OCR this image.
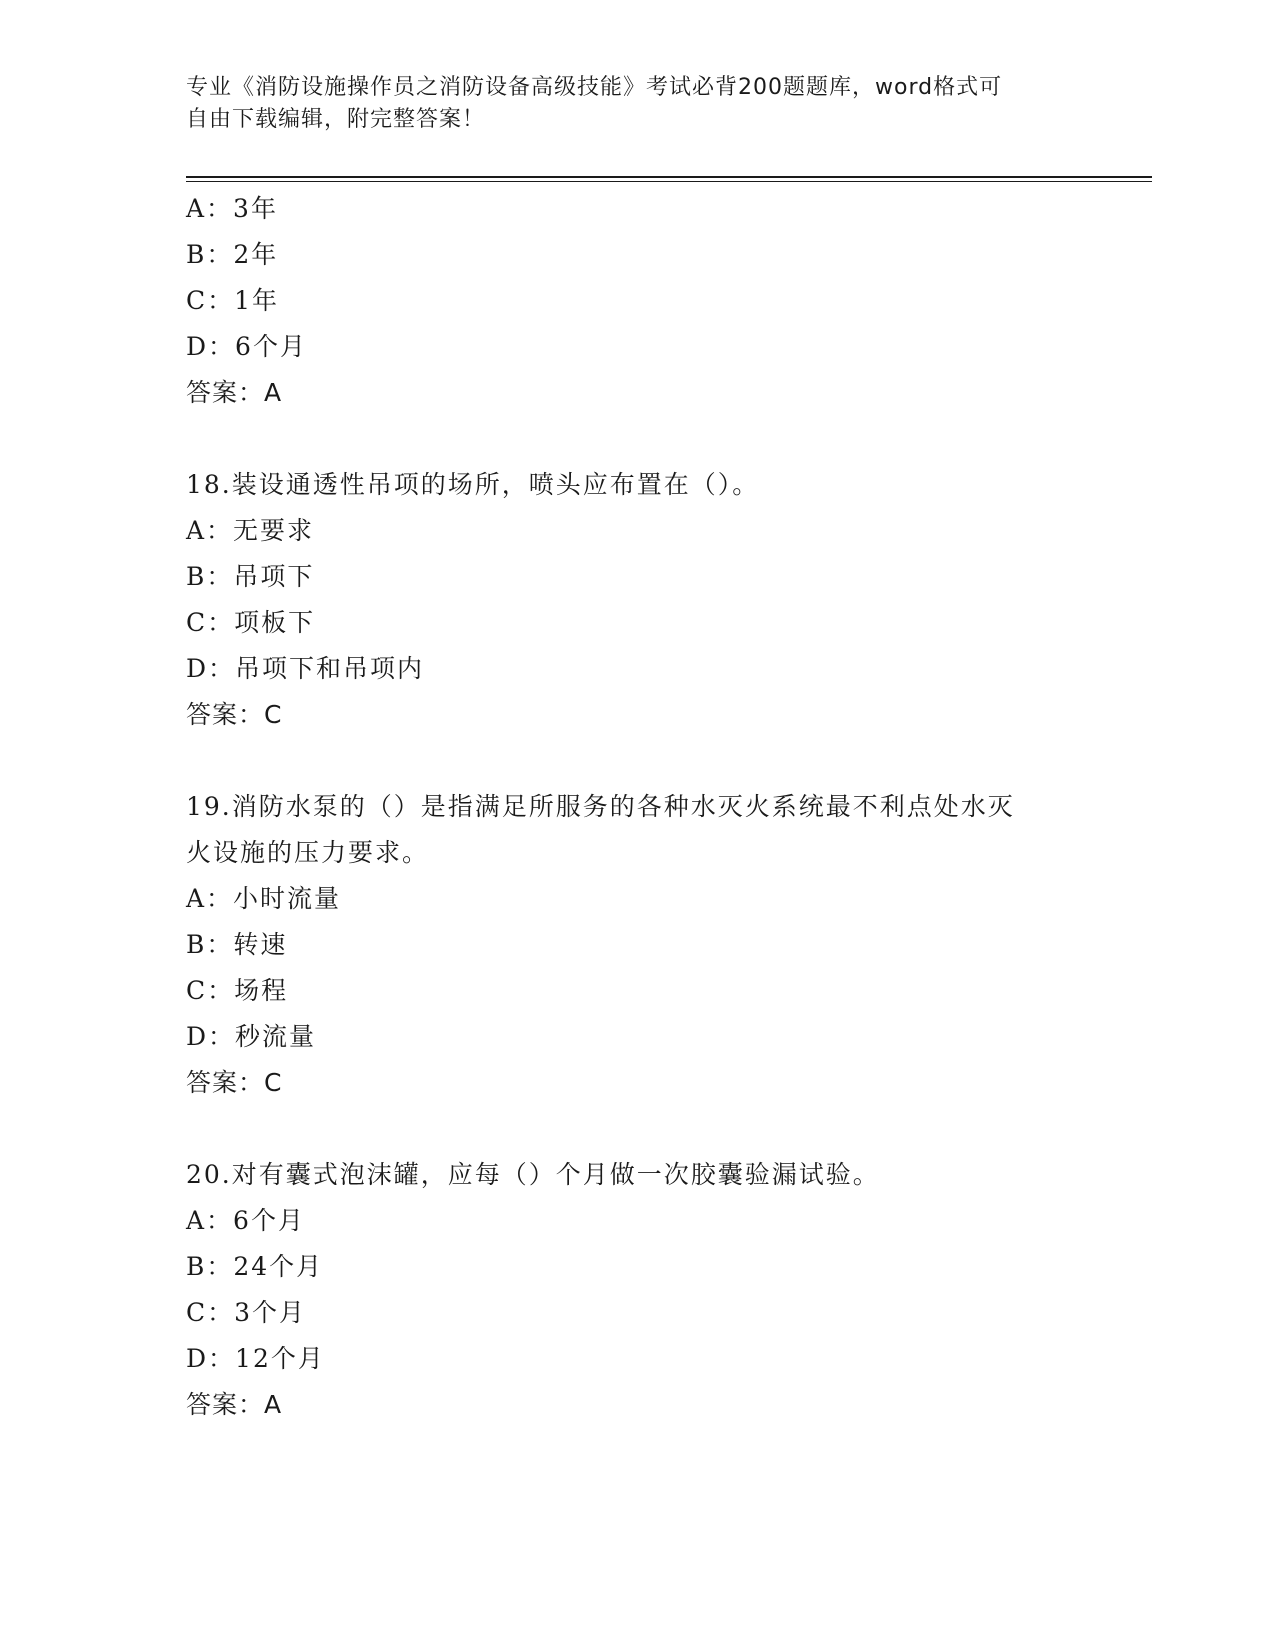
专业《消防设施操作员之消防设备高级技能》考试必背200题题库，word格式可
自由下载编辑，附完整答案！
A：3年
B：2年
C：1年
D：6个月
答案：A
18.装设通透性吊项的场所，喷头应布置在（）。
A：无要求
B：吊项下
C：项板下
D：吊项下和吊项内
答案：C
19.消防水泵的（）是指满足所服务的各种水灭火系统最不利点处水灭
火设施的压力要求。
A：小时流量
B：转速
C：场程
D：秒流量
答案：C
20.对有囊式泡沫罐，应每（）个月做一次胶囊验漏试验。
A：6个月
B：24个月
C：3个月
D：12个月
答案：A
